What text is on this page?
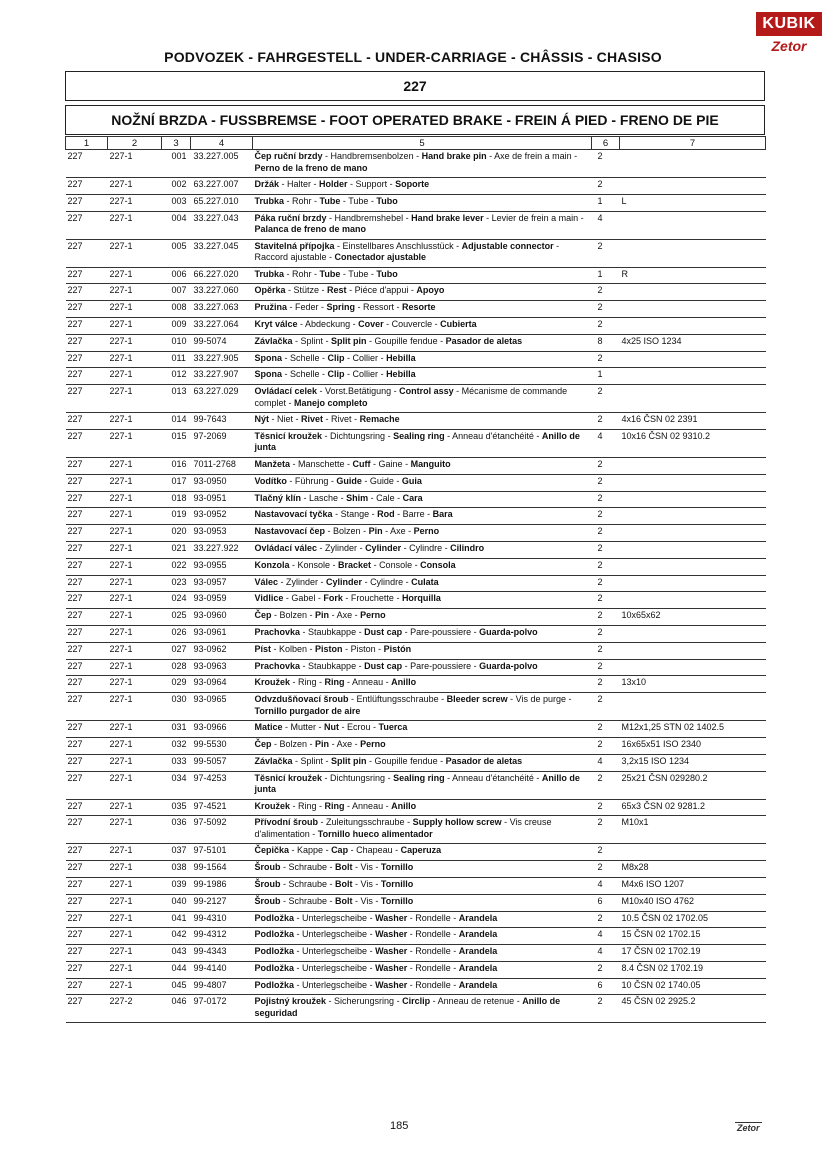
KUBIK
Zetor
PODVOZEK - FAHRGESTELL - UNDER-CARRIAGE - CHÂSSIS - CHASISO
227
NOŽNÍ BRZDA - FUSSBREMSE - FOOT OPERATED BRAKE - FREIN Á PIED - FRENO DE PIE
1	2	3	4	5	6	7
227	227-1	001	33.227.005	Čep ruční brzdy - Handbremsenbolzen - Hand brake pin - Axe de frein a main - Perno de la freno de mano	2	
227	227-1	002	63.227.007	Držák - Halter - Holder - Support - Soporte	2	
227	227-1	003	65.227.010	Trubka - Rohr - Tube - Tube - Tubo	1	L
227	227-1	004	33.227.043	Páka ruční brzdy - Handbremshebel - Hand brake lever - Levier de frein a main - Palanca de freno de mano	4	
227	227-1	005	33.227.045	Stavitelná přípojka - Einstellbares Anschlusstück - Adjustable connector - Raccord ajustable - Conectador ajustable	2	
227	227-1	006	66.227.020	Trubka - Rohr - Tube - Tube - Tubo	1	R
227	227-1	007	33.227.060	Opěrka - Stütze - Rest - Piéce d'appui - Apoyo	2	
227	227-1	008	33.227.063	Pružina - Feder - Spring - Ressort - Resorte	2	
227	227-1	009	33.227.064	Kryt válce - Abdeckung - Cover - Couvercle - Cubierta	2	
227	227-1	010	99-5074	Závlačka - Splint - Split pin - Goupille fendue - Pasador de aletas	8	4x25 ISO 1234
227	227-1	011	33.227.905	Spona - Schelle - Clip - Collier - Hebilla	2	
227	227-1	012	33.227.907	Spona - Schelle - Clip - Collier - Hebilla	1	
227	227-1	013	63.227.029	Ovládací celek - Vorst.Betätigung - Control assy - Mécanisme de commande complet - Manejo completo	2	
227	227-1	014	99-7643	Nýt - Niet - Rivet - Rivet - Remache	2	4x16 ČSN 02 2391
227	227-1	015	97-2069	Těsnicí kroužek - Dichtungsring - Sealing ring - Anneau d'étanchéité - Anillo de junta	4	10x16 ČSN 02 9310.2
227	227-1	016	7011-2768	Manžeta - Manschette - Cuff - Gaine - Manguito	2	
227	227-1	017	93-0950	Vodítko - Führung - Guide - Guide - Guia	2	
227	227-1	018	93-0951	Tlačný klín - Lasche - Shim - Cale - Cara	2	
227	227-1	019	93-0952	Nastavovací tyčka - Stange - Rod - Barre - Bara	2	
227	227-1	020	93-0953	Nastavovací čep - Bolzen - Pin - Axe - Perno	2	
227	227-1	021	33.227.922	Ovládací válec - Zylinder - Cylinder - Cylindre - Cilindro	2	
227	227-1	022	93-0955	Konzola - Konsole - Bracket - Console - Consola	2	
227	227-1	023	93-0957	Válec - Zylinder - Cylinder - Cylindre - Culata	2	
227	227-1	024	93-0959	Vidlice - Gabel - Fork - Frouchette - Horquilla	2	
227	227-1	025	93-0960	Čep - Bolzen - Pin - Axe - Perno	2	10x65x62
227	227-1	026	93-0961	Prachovka - Staubkappe - Dust cap - Pare-poussiere - Guarda-polvo	2	
227	227-1	027	93-0962	Píst - Kolben - Piston - Piston - Pistón	2	
227	227-1	028	93-0963	Prachovka - Staubkappe - Dust cap - Pare-poussiere - Guarda-polvo	2	
227	227-1	029	93-0964	Kroužek - Ring - Ring - Anneau - Anillo	2	13x10
227	227-1	030	93-0965	Odvzdušňovací šroub - Entlüftungsschraube - Bleeder screw - Vis de purge - Tornillo purgador de aire	2	
227	227-1	031	93-0966	Matice - Mutter - Nut - Ecrou - Tuerca	2	M12x1,25 STN 02 1402.5
227	227-1	032	99-5530	Čep - Bolzen - Pin - Axe - Perno	2	16x65x51 ISO 2340
227	227-1	033	99-5057	Závlačka - Splint - Split pin - Goupille fendue - Pasador de aletas	4	3,2x15 ISO 1234
227	227-1	034	97-4253	Těsnicí kroužek - Dichtungsring - Sealing ring - Anneau d'étanchéité - Anillo de junta	2	25x21 ČSN 029280.2
227	227-1	035	97-4521	Kroužek - Ring - Ring - Anneau - Anillo	2	65x3 ČSN 02 9281.2
227	227-1	036	97-5092	Přívodní šroub - Zuleitungsschraube - Supply hollow screw - Vis creuse d'alimentation - Tornillo hueco alimentador	2	M10x1
227	227-1	037	97-5101	Čepička - Kappe - Cap - Chapeau - Caperuza	2	
227	227-1	038	99-1564	Šroub - Schraube - Bolt - Vis - Tornillo	2	M8x28
227	227-1	039	99-1986	Šroub - Schraube - Bolt - Vis - Tornillo	4	M4x6 ISO 1207
227	227-1	040	99-2127	Šroub - Schraube - Bolt - Vis - Tornillo	6	M10x40 ISO 4762
227	227-1	041	99-4310	Podložka - Unterlegscheibe - Washer - Rondelle - Arandela	2	10.5 ČSN 02 1702.05
227	227-1	042	99-4312	Podložka - Unterlegscheibe - Washer - Rondelle - Arandela	4	15 ČSN 02 1702.15
227	227-1	043	99-4343	Podložka - Unterlegscheibe - Washer - Rondelle - Arandela	4	17 ČSN 02 1702.19
227	227-1	044	99-4140	Podložka - Unterlegscheibe - Washer - Rondelle - Arandela	2	8.4 ČSN 02 1702.19
227	227-1	045	99-4807	Podložka - Unterlegscheibe - Washer - Rondelle - Arandela	6	10 ČSN 02 1740.05
227	227-2	046	97-0172	Pojistný kroužek - Sicherungsring - Circlip - Anneau de retenue - Anillo de seguridad	2	45 ČSN 02 2925.2
185	Zetor
